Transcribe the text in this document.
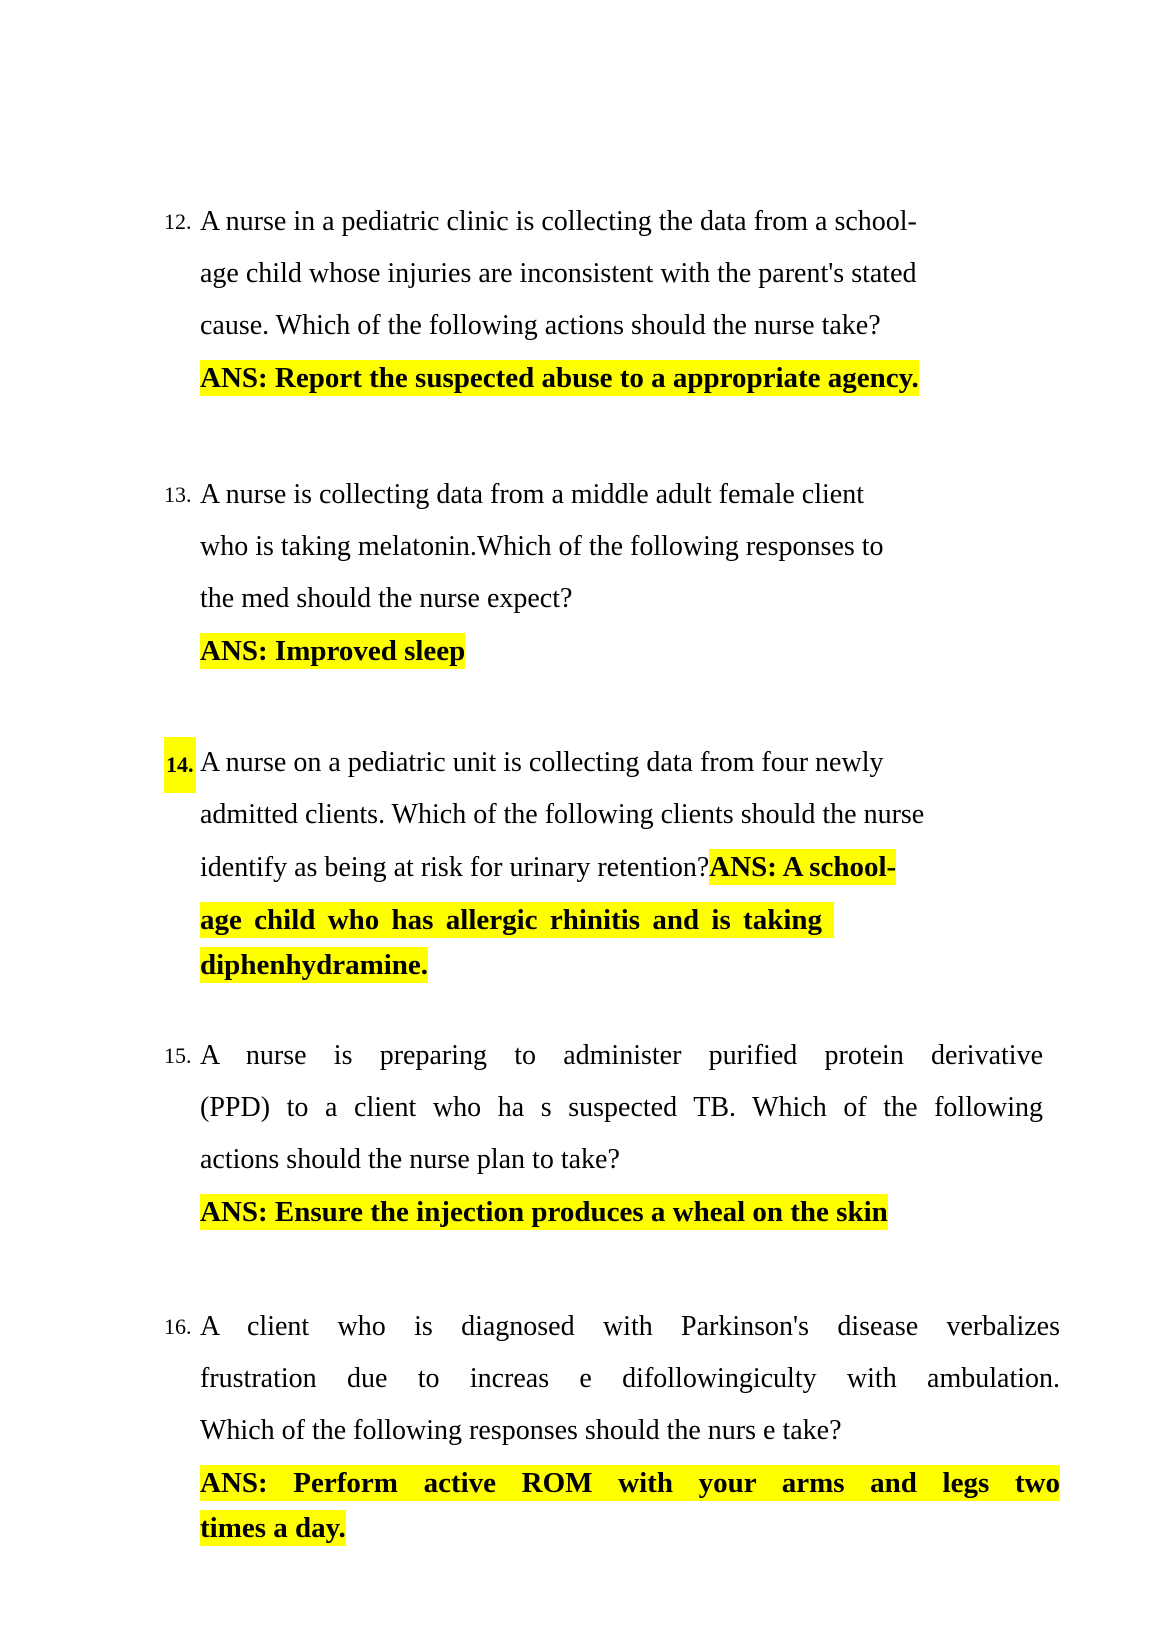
12. A nurse in a pediatric clinic is collecting the data from a school-
age child whose injuries are inconsistent with the parent's stated
cause. Which of the following actions should the nurse take?
ANS: Report the suspected abuse to a appropriate agency.
13. A nurse is collecting data from a middle adult female client
who is taking melatonin.Which of the following responses to
the med should the nurse expect?
ANS: Improved sleep
14. A nurse on a pediatric unit is collecting data from four newly
admitted clients. Which of the following clients should the nurse
identify as being at risk for urinary retention?ANS: A school-
age child who has allergic rhinitis and is taking
diphenhydramine.
15. A nurse is preparing to administer purified protein derivative
(PPD) to a client who ha s suspected TB. Which of the following
actions should the nurse plan to take?
ANS: Ensure the injection produces a wheal on the skin
16. A client who is diagnosed with Parkinson's disease verbalizes
frustration due to increas e difollowingiculty with ambulation.
Which of the following responses should the nurs e take?
ANS: Perform active ROM with your arms and legs two
times a day.
